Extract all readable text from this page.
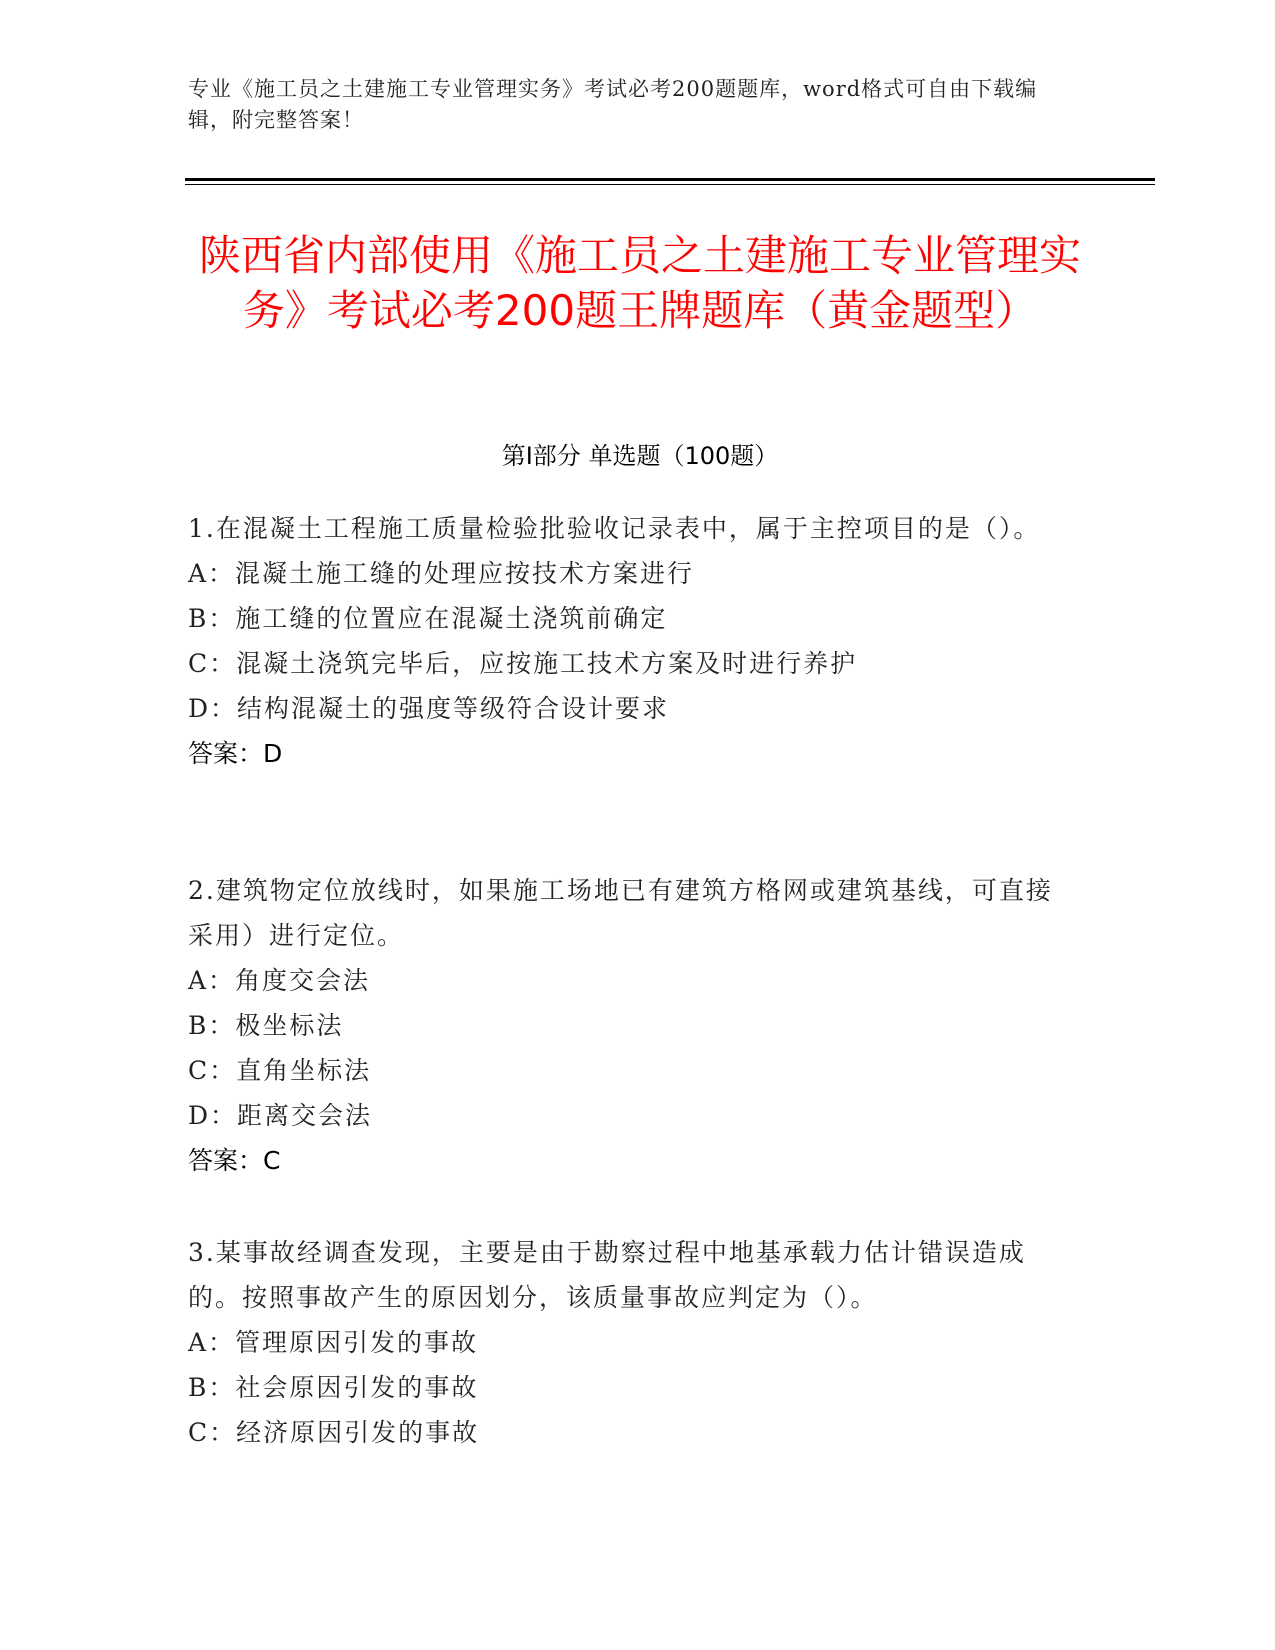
专业《施工员之土建施工专业管理实务》考试必考200题题库，word格式可自由下载编辑，附完整答案！
陕西省内部使用《施工员之土建施工专业管理实务》考试必考200题王牌题库（黄金题型）
第I部分 单选题（100题）
1.在混凝土工程施工质量检验批验收记录表中，属于主控项目的是（）。
A：混凝土施工缝的处理应按技术方案进行
B：施工缝的位置应在混凝土浇筑前确定
C：混凝土浇筑完毕后，应按施工技术方案及时进行养护
D：结构混凝土的强度等级符合设计要求
答案：D
2.建筑物定位放线时，如果施工场地已有建筑方格网或建筑基线，可直接采用）进行定位。
A：角度交会法
B：极坐标法
C：直角坐标法
D：距离交会法
答案：C
3.某事故经调查发现，主要是由于勘察过程中地基承载力估计错误造成的。按照事故产生的原因划分，该质量事故应判定为（）。
A：管理原因引发的事故
B：社会原因引发的事故
C：经济原因引发的事故
